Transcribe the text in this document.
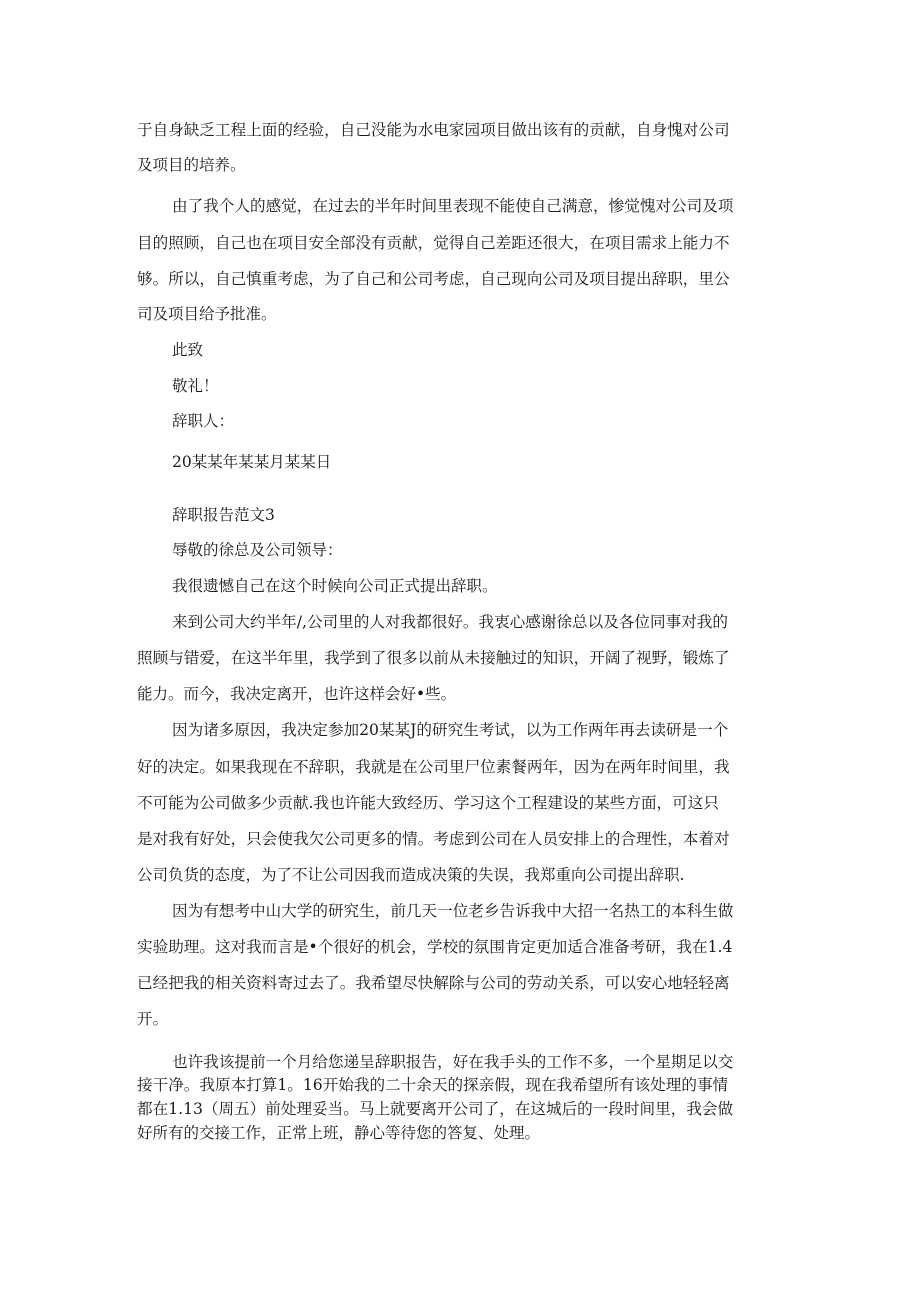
于自身缺乏工程上面的经验，自己没能为水电家园项目做出该有的贡献，自身愧对公司
及项目的培养。
由了我个人的感觉，在过去的半年时间里表现不能使自己满意，惨觉愧对公司及项
目的照顾，自己也在项目安全部没有贡献，觉得自己差距还很大，在项目需求上能力不
够。所以，自己慎重考虑，为了自己和公司考虑，自己现向公司及项目提出辞职，里公
司及项目给予批准。
此致
敬礼！
辞职人：
20某某年某某月某某日
辞职报告范文3
辱敬的徐总及公司领导：
我很遗憾自己在这个时候向公司正式提出辞职。
来到公司大约半年/,公司里的人对我都很好。我衷心感谢徐总以及各位同事对我的
照顾与错爱，在这半年里，我学到了很多以前从未接触过的知识，开阔了视野，锻炼了
能力。而今，我决定离开，也许这样会好•些。
因为诸多原因，我决定参加20某某J的研究生考试，以为工作两年再去读研是一个
好的决定。如果我现在不辞职，我就是在公司里尸位素餐两年，因为在两年时间里，我
不可能为公司做多少贡献.我也许能大致经历、学习这个工程建设的某些方面，可这只
是对我有好处，只会使我欠公司更多的情。考虑到公司在人员安排上的合理性，本着对
公司负货的态度，为了不让公司因我而造成决策的失误，我郑重向公司提出辞职.
因为有想考中山大学的研究生，前几天一位老乡告诉我中大招一名热工的本科生做
实验助理。这对我而言是•个很好的机会，学校的氛围肯定更加适合准备考研，我在1.4
已经把我的相关资料寄过去了。我希望尽快解除与公司的劳动关系，可以安心地轻轻离
开。
也许我该提前一个月给您递呈辞职报告，好在我手头的工作不多，一个星期足以交
接干净。我原本打算1。16开始我的二十余天的探亲假，现在我希望所有该处理的事情
都在1.13（周五）前处理妥当。马上就要离开公司了，在这城后的一段时间里，我会做
好所有的交接工作，正常上班，静心等待您的答复、处理。
